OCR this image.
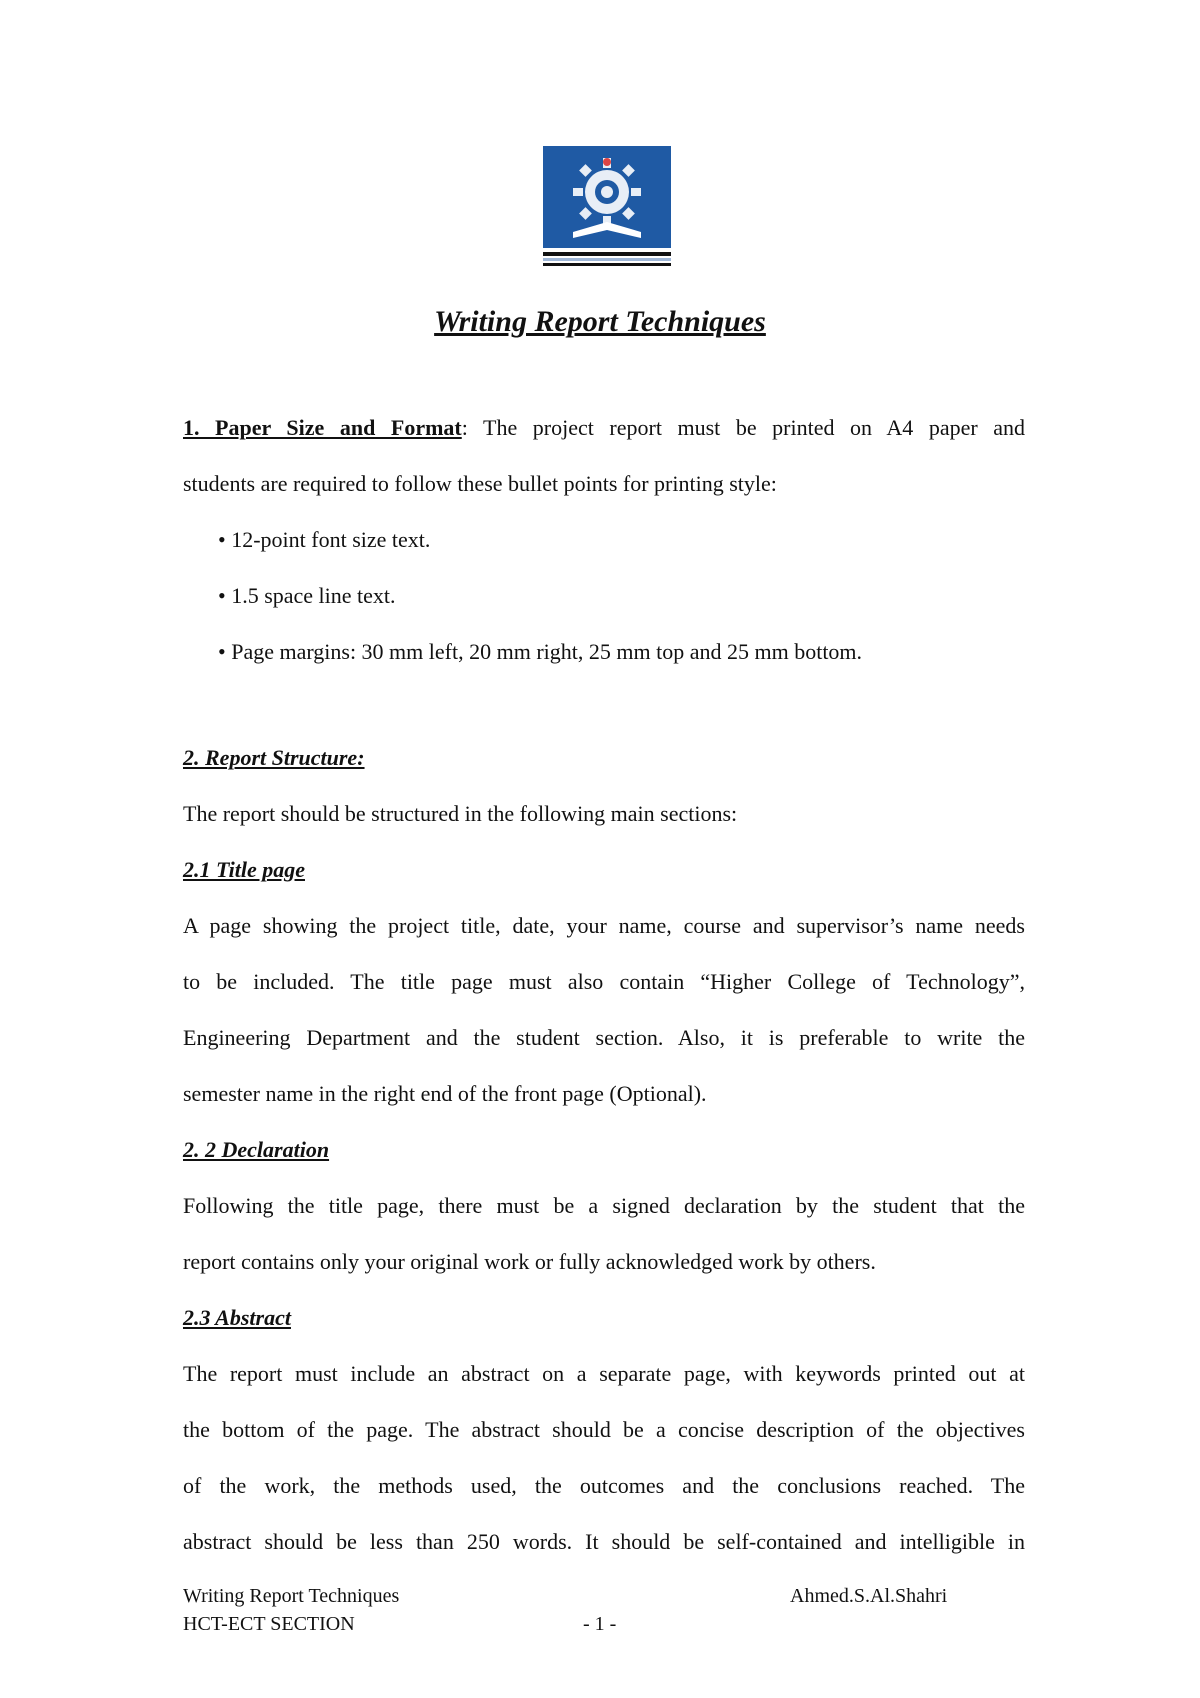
Writing Report Techniques
1. Paper Size and Format: The project report must be printed on A4 paper and
students are required to follow these bullet points for printing style:
• 12-point font size text.
• 1.5 space line text.
• Page margins: 30 mm left, 20 mm right, 25 mm top and 25 mm bottom.
2. Report Structure:
The report should be structured in the following main sections:
2.1 Title page
A page showing the project title, date, your name, course and supervisor’s name needs
to be included. The title page must also contain “Higher College of Technology”,
Engineering Department and the student section. Also, it is preferable to write the
semester name in the right end of the front page (Optional).
2. 2 Declaration
Following the title page, there must be a signed declaration by the student that the
report contains only your original work or fully acknowledged work by others.
2.3 Abstract
The report must include an abstract on a separate page, with keywords printed out at
the bottom of the page. The abstract should be a concise description of the objectives
of the work, the methods used, the outcomes and the conclusions reached. The
abstract should be less than 250 words. It should be self-contained and intelligible in
Writing Report Techniques	Ahmed.S.Al.Shahri
HCT-ECT SECTION	- 1 -
